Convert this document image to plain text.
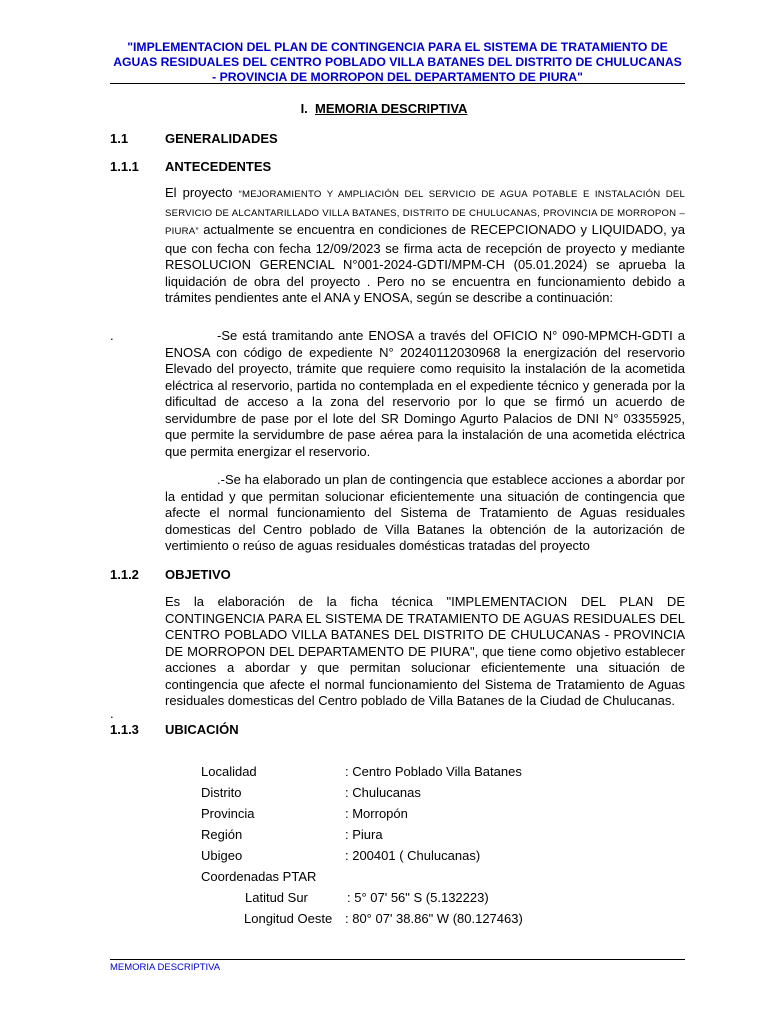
"IMPLEMENTACION DEL PLAN DE CONTINGENCIA PARA EL SISTEMA DE TRATAMIENTO DE AGUAS RESIDUALES DEL CENTRO POBLADO VILLA BATANES DEL DISTRITO DE CHULUCANAS - PROVINCIA DE MORROPON DEL DEPARTAMENTO DE PIURA"
I. MEMORIA DESCRIPTIVA
1.1	GENERALIDADES
1.1.1 ANTECEDENTES
El proyecto “MEJORAMIENTO Y AMPLIACIÓN DEL SERVICIO DE AGUA POTABLE E INSTALACIÓN DEL SERVICIO DE ALCANTARILLADO VILLA BATANES, DISTRITO DE CHULUCANAS, PROVINCIA DE MORROPON – PIURA” actualmente se encuentra en condiciones de RECEPCIONADO y LIQUIDADO, ya que con fecha con fecha 12/09/2023 se firma acta de recepción de proyecto y mediante RESOLUCION GERENCIAL N°001-2024-GDTI/MPM-CH (05.01.2024) se aprueba la liquidación de obra del proyecto . Pero no se encuentra en funcionamiento debido a trámites pendientes ante el ANA y ENOSA, según se describe a continuación:
.	-Se está tramitando ante ENOSA a través del OFICIO N° 090-MPMCH-GDTI a ENOSA con código de expediente N° 20240112030968 la energización del reservorio Elevado del proyecto, trámite que requiere como requisito la instalación de la acometida eléctrica al reservorio, partida no contemplada en el expediente técnico y generada por la dificultad de acceso a la zona del reservorio por lo que se firmó un acuerdo de servidumbre de pase por el lote del SR Domingo Agurto Palacios de DNI N° 03355925, que permite la servidumbre de pase aérea para la instalación de una acometida eléctrica que permita energizar el reservorio.
.-Se ha elaborado un plan de contingencia que establece acciones a abordar por la entidad y que permitan solucionar eficientemente una situación de contingencia que afecte el normal funcionamiento del Sistema de Tratamiento de Aguas residuales domesticas del Centro poblado de Villa Batanes la obtención de la autorización de vertimiento o reúso de aguas residuales domésticas tratadas del proyecto
1.1.2 OBJETIVO
Es la elaboración de la ficha técnica "IMPLEMENTACION DEL PLAN DE CONTINGENCIA PARA EL SISTEMA DE TRATAMIENTO DE AGUAS RESIDUALES DEL CENTRO POBLADO VILLA BATANES DEL DISTRITO DE CHULUCANAS - PROVINCIA DE MORROPON DEL DEPARTAMENTO DE PIURA", que tiene como objetivo establecer acciones a abordar y que permitan solucionar eficientemente una situación de contingencia que afecte el normal funcionamiento del Sistema de Tratamiento de Aguas residuales domesticas del Centro poblado de Villa Batanes de la Ciudad de Chulucanas.
.
1.1.3 UBICACIÓN
Localidad	: Centro Poblado Villa Batanes
Distrito	: Chulucanas
Provincia	: Morropón
Región	: Piura
Ubigeo	: 200401 ( Chulucanas)
Coordenadas PTAR
Latitud Sur	: 5° 07' 56" S (5.132223)
Longitud Oeste : 80° 07' 38.86" W (80.127463)
MEMORIA DESCRIPTIVA
